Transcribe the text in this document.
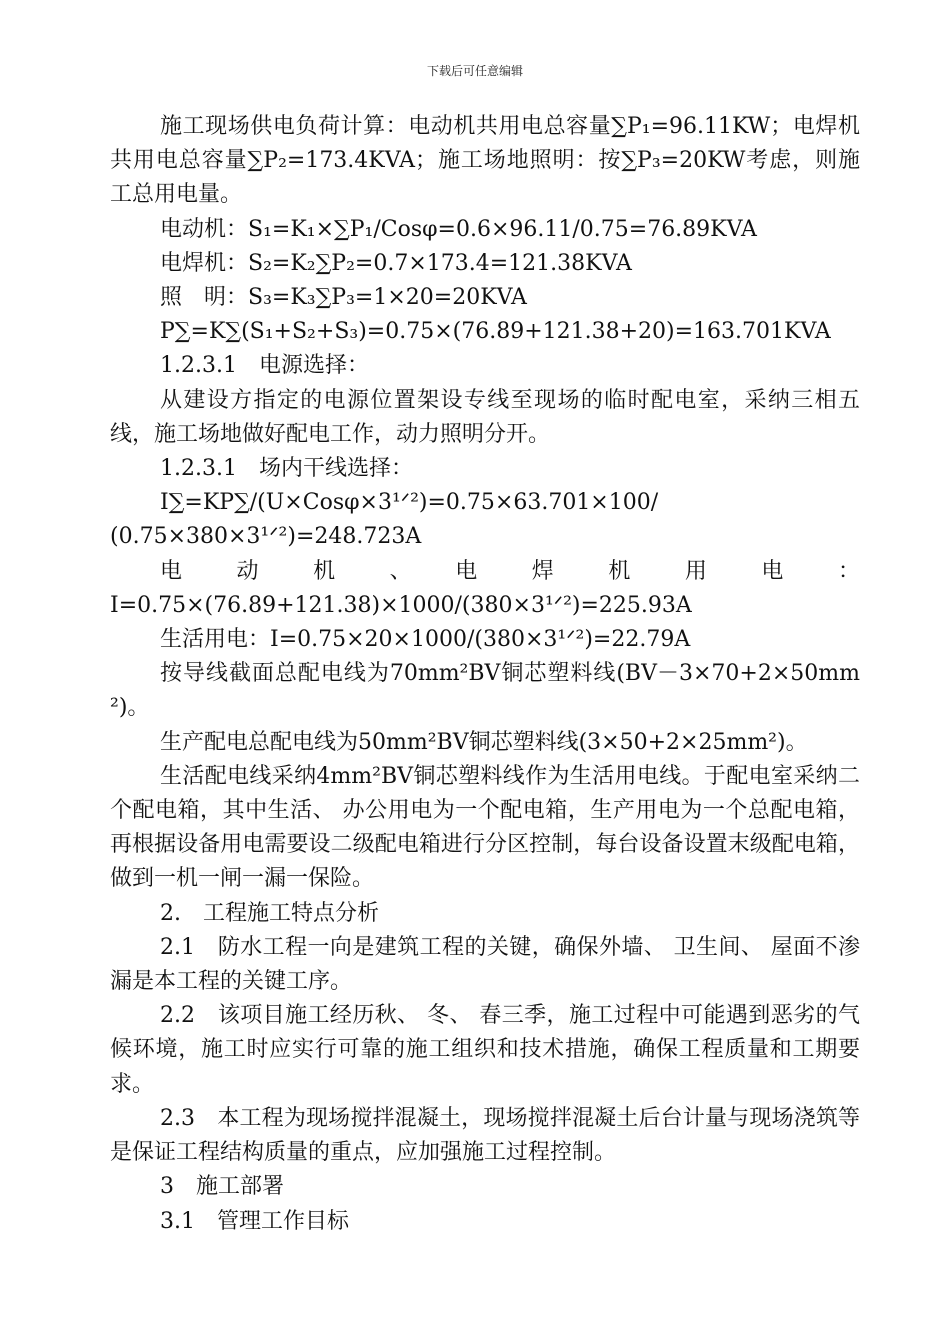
下载后可任意编辑

施工现场供电负荷计算：电动机共用电总容量∑P₁=96.11KW；电焊机共用电总容量∑P₂=173.4KVA；施工场地照明：按∑P₃=20KW考虑，则施工总用电量。

电动机：S₁=K₁×∑P₁/Cosφ=0.6×96.11/0.75=76.89KVA

电焊机：S₂=K₂∑P₂=0.7×173.4=121.38KVA

照　明：S₃=K₃∑P₃=1×20=20KVA

P∑=K∑(S₁+S₂+S₃)=0.75×(76.89+121.38+20)=163.701KVA

1.2.3.1　电源选择：

从建设方指定的电源位置架设专线至现场的临时配电室，采纳三相五线，施工场地做好配电工作，动力照明分开。

1.2.3.1　场内干线选择：

I∑=KP∑/(U×Cosφ×3¹ᐟ²)=0.75×63.701×100/

(0.75×380×3¹ᐟ²)=248.723A

电　动　机　、　电　焊　机　用　电　：

I=0.75×(76.89+121.38)×1000/(380×3¹ᐟ²)=225.93A

生活用电：I=0.75×20×1000/(380×3¹ᐟ²)=22.79A

按导线截面总配电线为70mm²BV铜芯塑料线(BV－3×70+2×50mm²)。

生产配电总配电线为50mm²BV铜芯塑料线(3×50+2×25mm²)。

生活配电线采纳4mm²BV铜芯塑料线作为生活用电线。于配电室采纳二个配电箱，其中生活、 办公用电为一个配电箱，生产用电为一个总配电箱，再根据设备用电需要设二级配电箱进行分区控制，每台设备设置末级配电箱，做到一机一闸一漏一保险。

2.　工程施工特点分析

2.1　防水工程一向是建筑工程的关键，确保外墙、 卫生间、 屋面不渗漏是本工程的关键工序。

2.2　该项目施工经历秋、 冬、 春三季，施工过程中可能遇到恶劣的气候环境，施工时应实行可靠的施工组织和技术措施，确保工程质量和工期要求。

2.3　本工程为现场搅拌混凝土，现场搅拌混凝土后台计量与现场浇筑等是保证工程结构质量的重点，应加强施工过程控制。

3　施工部署

3.1　管理工作目标
